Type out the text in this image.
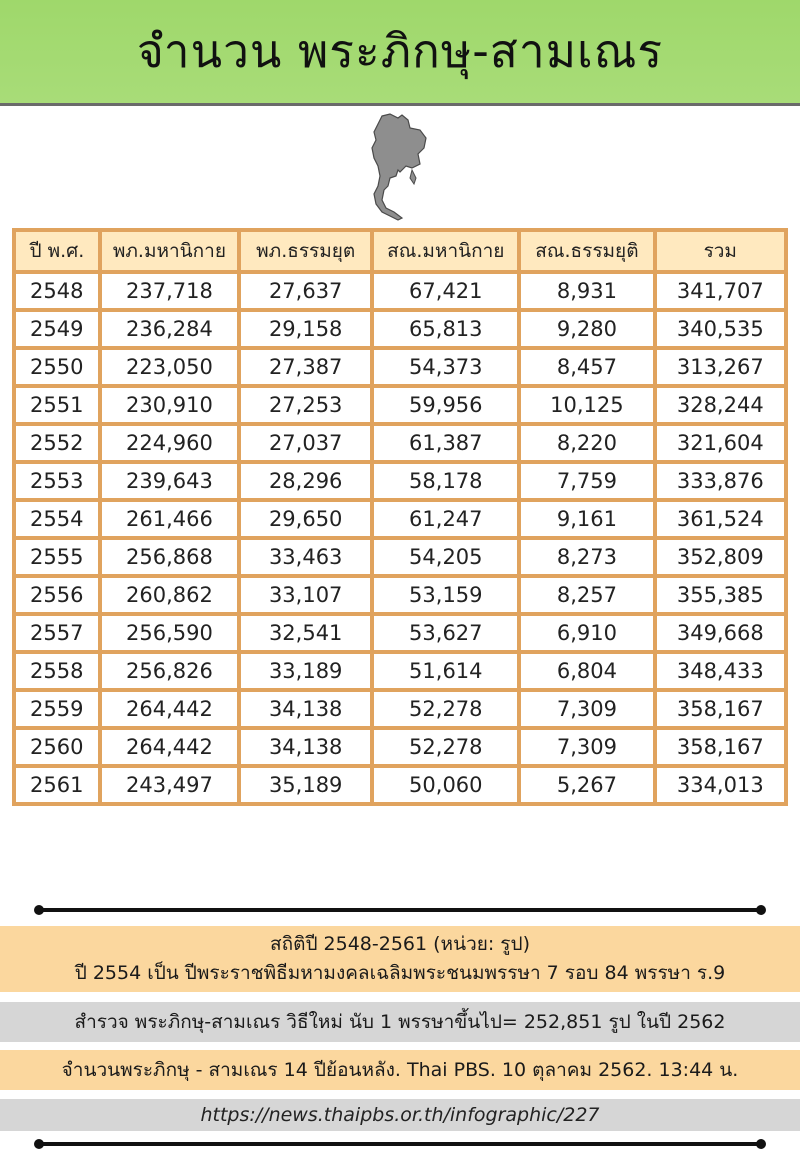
จำนวน พระภิกษุ-สามเณร
ปี พ.ศ.	พภ.มหานิกาย	พภ.ธรรมยุต	สณ.มหานิกาย	สณ.ธรรมยุติ	รวม
2548	237,718	27,637	67,421	8,931	341,707
2549	236,284	29,158	65,813	9,280	340,535
2550	223,050	27,387	54,373	8,457	313,267
2551	230,910	27,253	59,956	10,125	328,244
2552	224,960	27,037	61,387	8,220	321,604
2553	239,643	28,296	58,178	7,759	333,876
2554	261,466	29,650	61,247	9,161	361,524
2555	256,868	33,463	54,205	8,273	352,809
2556	260,862	33,107	53,159	8,257	355,385
2557	256,590	32,541	53,627	6,910	349,668
2558	256,826	33,189	51,614	6,804	348,433
2559	264,442	34,138	52,278	7,309	358,167
2560	264,442	34,138	52,278	7,309	358,167
2561	243,497	35,189	50,060	5,267	334,013
สถิติปี 2548-2561 (หน่วย: รูป)
ปี 2554 เป็น ปีพระราชพิธีมหามงคลเฉลิมพระชนมพรรษา 7 รอบ 84 พรรษา ร.9
สำรวจ พระภิกษุ-สามเณร วิธีใหม่ นับ 1 พรรษาขึ้นไป= 252,851 รูป ในปี 2562
จำนวนพระภิกษุ - สามเณร 14 ปีย้อนหลัง. Thai PBS. 10 ตุลาคม 2562. 13:44 น.
https://news.thaipbs.or.th/infographic/227
